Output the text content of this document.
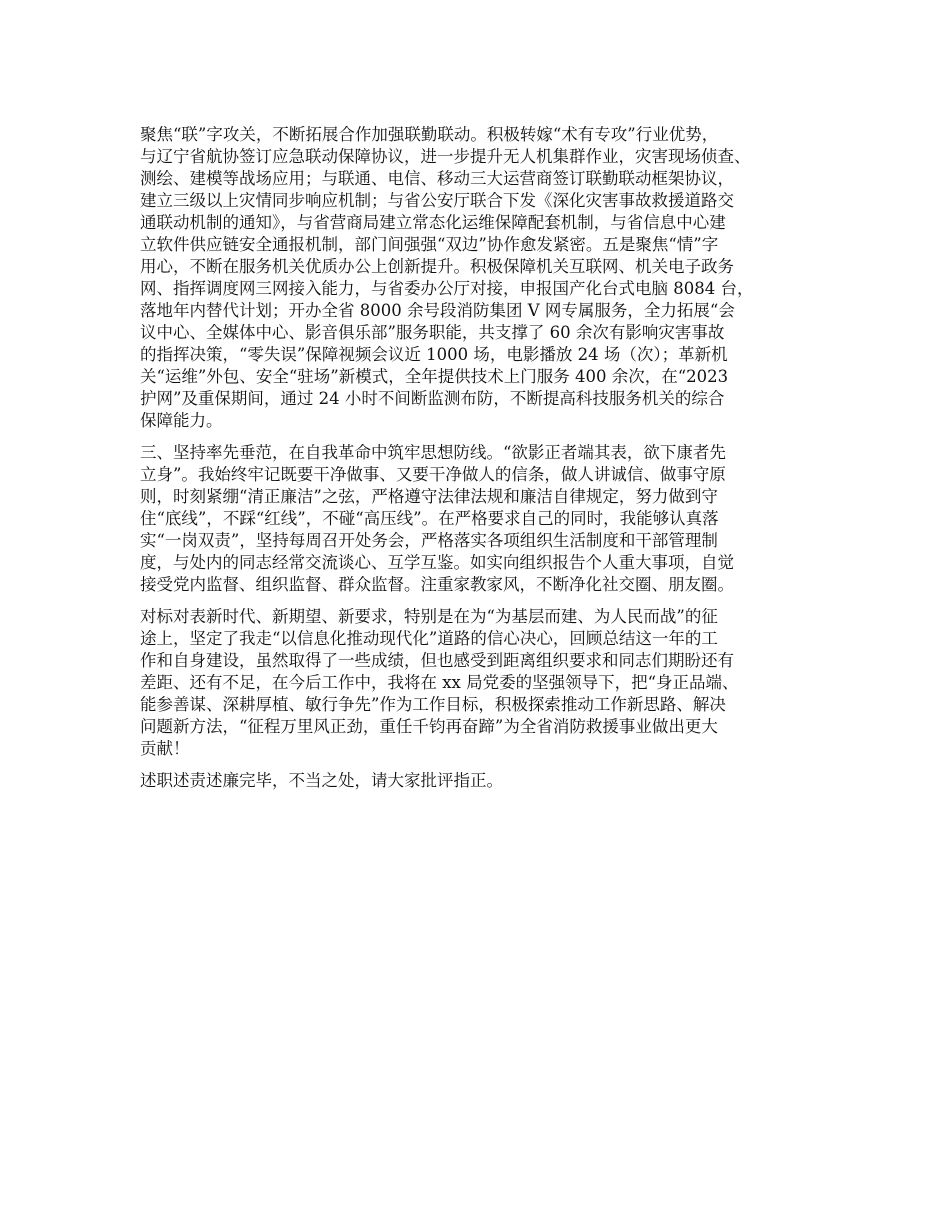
聚焦“联”字攻关，不断拓展合作加强联勤联动。积极转嫁“术有专攻”行业优势，
与辽宁省航协签订应急联动保障协议，进一步提升无人机集群作业，灾害现场侦查、
测绘、建模等战场应用；与联通、电信、移动三大运营商签订联勤联动框架协议，
建立三级以上灾情同步响应机制；与省公安厅联合下发《深化灾害事故救援道路交
通联动机制的通知》，与省营商局建立常态化运维保障配套机制，与省信息中心建
立软件供应链安全通报机制，部门间强强“双边”协作愈发紧密。五是聚焦“情”字
用心，不断在服务机关优质办公上创新提升。积极保障机关互联网、机关电子政务
网、指挥调度网三网接入能力，与省委办公厅对接，申报国产化台式电脑 8084 台，
落地年内替代计划；开办全省 8000 余号段消防集团 V 网专属服务，全力拓展“会
议中心、全媒体中心、影音俱乐部”服务职能，共支撑了 60 余次有影响灾害事故
的指挥决策，“零失误”保障视频会议近 1000 场，电影播放 24 场（次）；革新机
关“运维”外包、安全“驻场”新模式，全年提供技术上门服务 400 余次，在“2023
护网”及重保期间，通过 24 小时不间断监测布防，不断提高科技服务机关的综合
保障能力。
三、坚持率先垂范，在自我革命中筑牢思想防线。“欲影正者端其表，欲下康者先
立身”。我始终牢记既要干净做事、又要干净做人的信条，做人讲诚信、做事守原
则，时刻紧绷“清正廉洁”之弦，严格遵守法律法规和廉洁自律规定，努力做到守
住“底线”，不踩“红线”，不碰“高压线”。在严格要求自己的同时，我能够认真落
实“一岗双责”，坚持每周召开处务会，严格落实各项组织生活制度和干部管理制
度，与处内的同志经常交流谈心、互学互鉴。如实向组织报告个人重大事项，自觉
接受党内监督、组织监督、群众监督。注重家教家风，不断净化社交圈、朋友圈。
对标对表新时代、新期望、新要求，特别是在为“为基层而建、为人民而战”的征
途上，坚定了我走“以信息化推动现代化”道路的信心决心，回顾总结这一年的工
作和自身建设，虽然取得了一些成绩，但也感受到距离组织要求和同志们期盼还有
差距、还有不足，在今后工作中，我将在 xx 局党委的坚强领导下，把“身正品端、
能参善谋、深耕厚植、敏行争先”作为工作目标，积极探索推动工作新思路、解决
问题新方法，“征程万里风正劲，重任千钧再奋蹄”为全省消防救援事业做出更大
贡献！
述职述责述廉完毕，不当之处，请大家批评指正。
